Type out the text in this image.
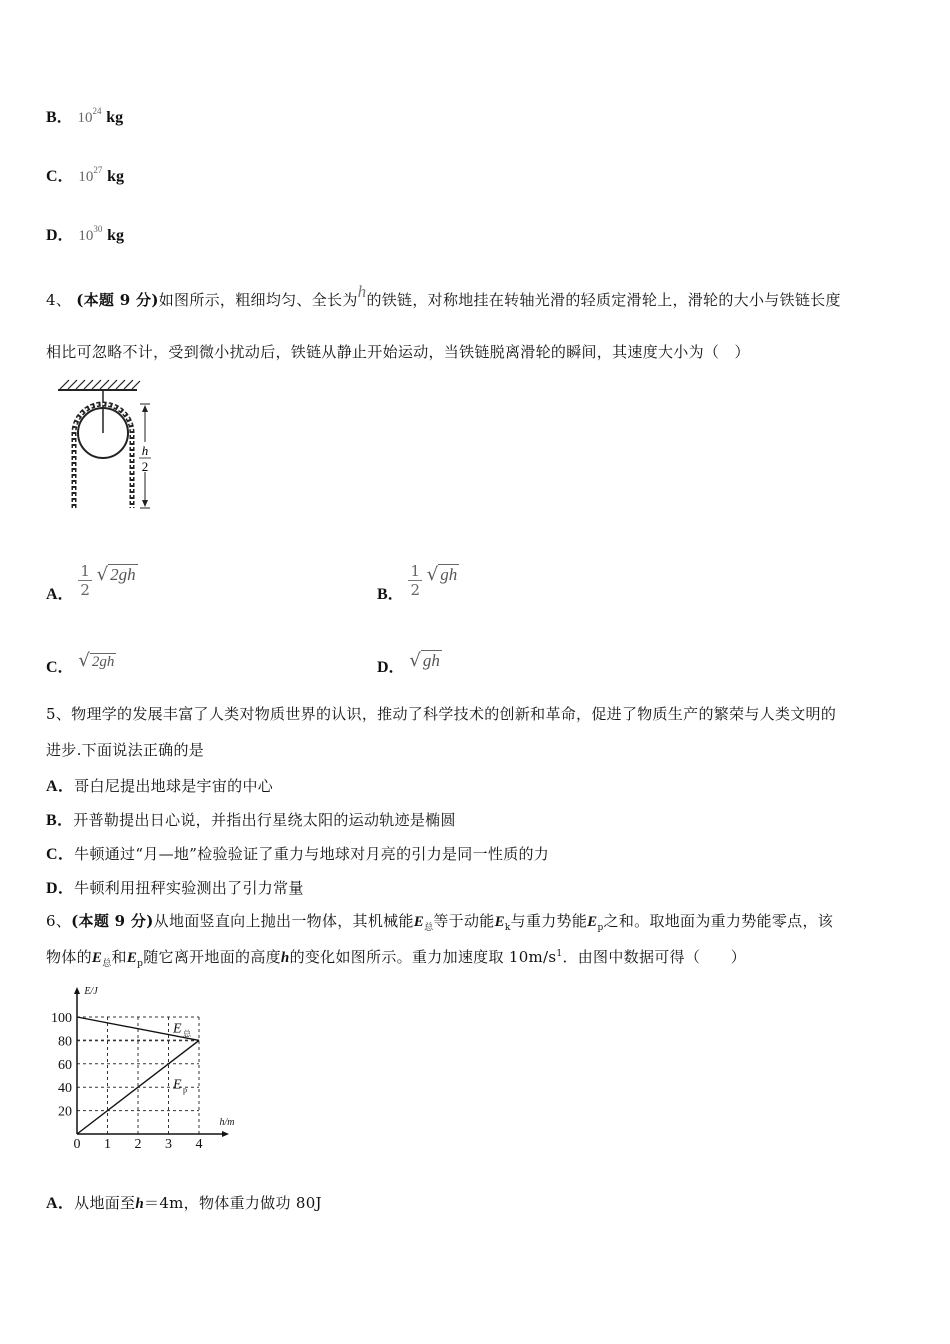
B． $10^{24}$ kg
C． $10^{27}$ kg
D． $10^{30}$ kg
4、 (本题 9 分)如图所示，粗细均匀、全长为h的铁链，对称地挂在转轴光滑的轻质定滑轮上，滑轮的大小与铁链长度
相比可忽略不计，受到微小扰动后，铁链从静止开始运动，当铁链脱离滑轮的瞬间，其速度大小为（　）
h
2
A． $\frac{1}{2}$ √ 2gh
B． $\frac{1}{2}$ √ gh
C． √ 2gh	D． √ gh
5、物理学的发展丰富了人类对物质世界的认识，推动了科学技术的创新和革命，促进了物质生产的繁荣与人类文明的
进步.下面说法正确的是
A．哥白尼提出地球是宇宙的中心
B．开普勒提出日心说，并指出行星绕太阳的运动轨迹是椭圆
C．牛顿通过“月—地”检验验证了重力与地球对月亮的引力是同一性质的力
D．牛顿利用扭秤实验测出了引力常量
6、(本题 9 分)从地面竖直向上抛出一物体，其机械能$E_总$等于动能$E_k$与重力势能$E_p$之和。取地面为重力势能零点，该
物体的$E_总$和$E_p$随它离开地面的高度h的变化如图所示。重力加速度取 $10m/s^1$．由图中数据可得（　　）
0 1 2 3 4
20
40
60
80
100
h/m
E/J
E 总
E p
A．从地面至h＝4m，物体重力做功 80J
